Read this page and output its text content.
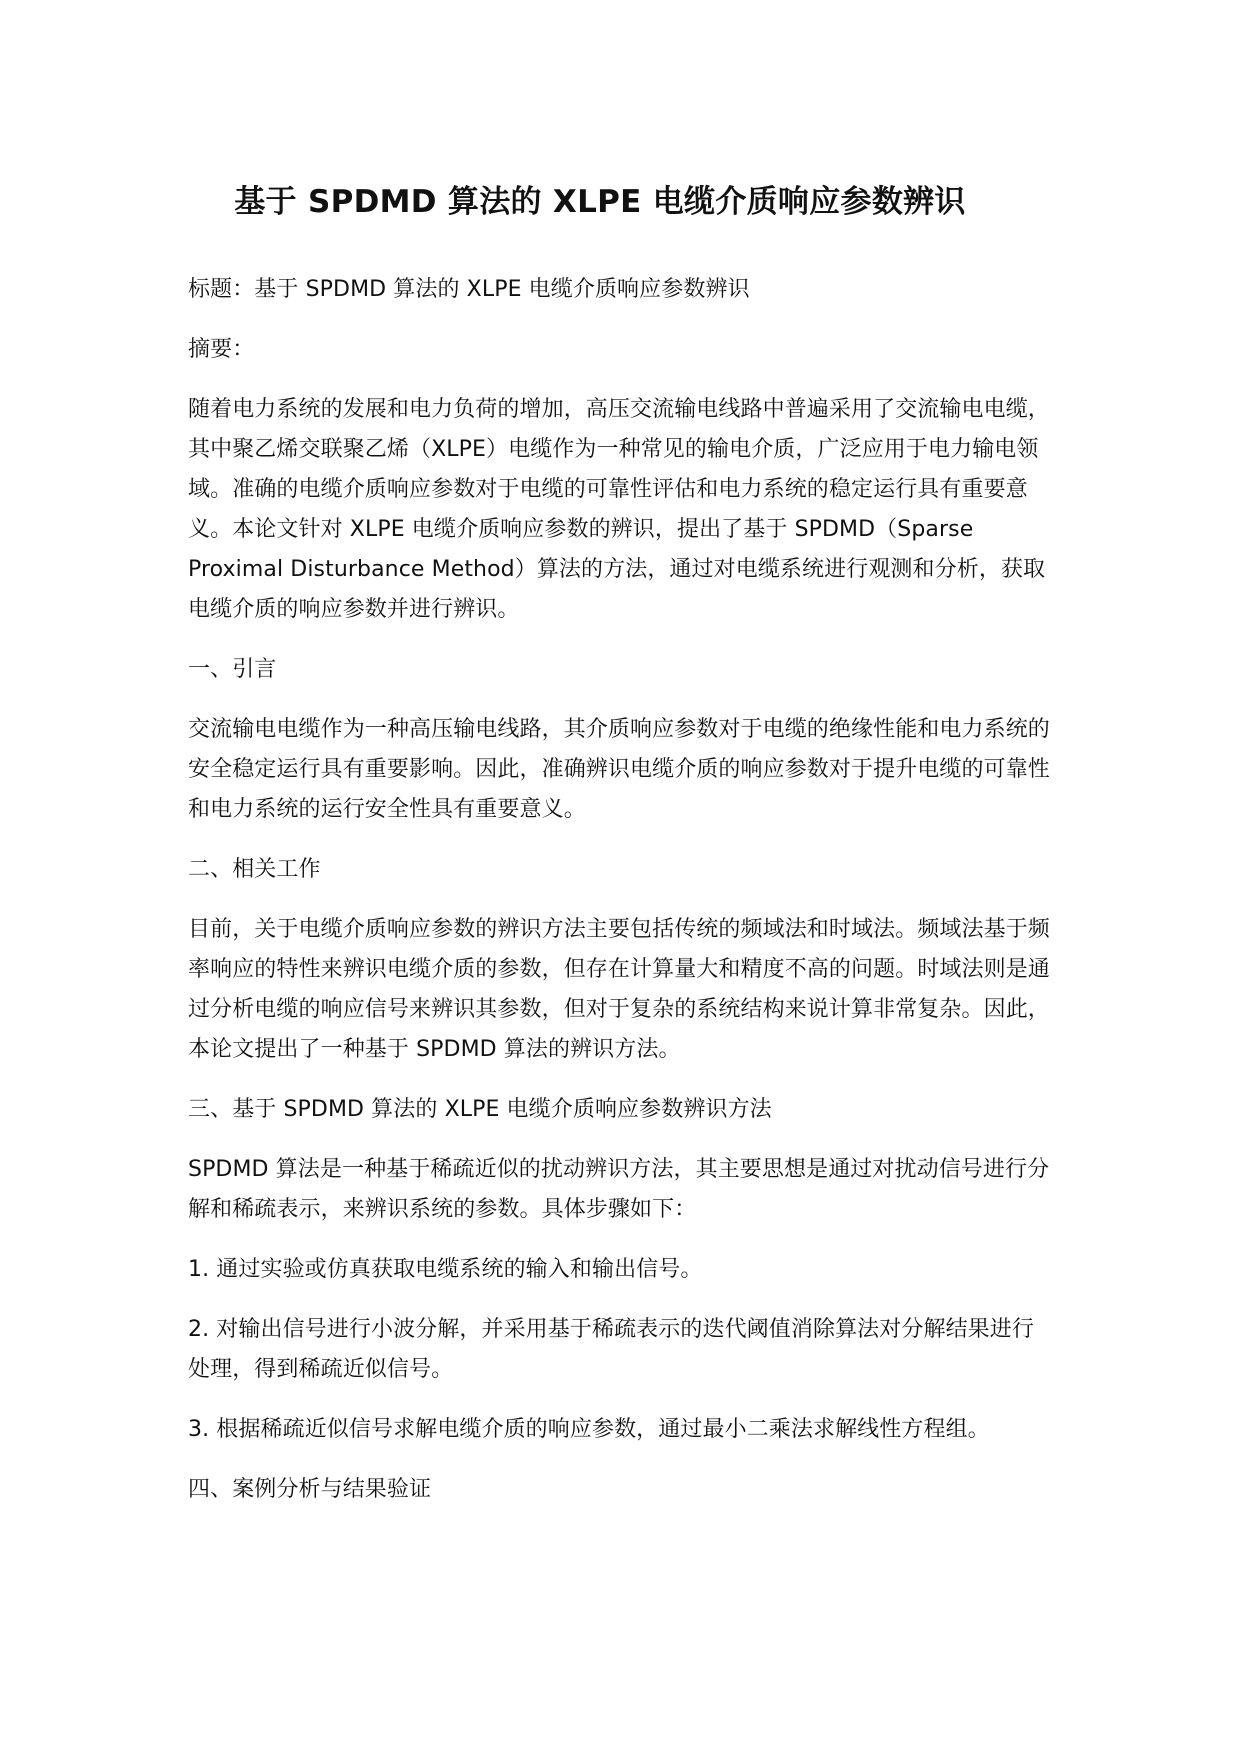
基于 SPDMD 算法的 XLPE 电缆介质响应参数辨识

标题：基于 SPDMD 算法的 XLPE 电缆介质响应参数辨识

摘要：

随着电力系统的发展和电力负荷的增加，高压交流输电线路中普遍采用了交流输电电缆，其中聚乙烯交联聚乙烯（XLPE）电缆作为一种常见的输电介质，广泛应用于电力输电领域。准确的电缆介质响应参数对于电缆的可靠性评估和电力系统的稳定运行具有重要意义。本论文针对 XLPE 电缆介质响应参数的辨识，提出了基于 SPDMD（Sparse Proximal Disturbance Method）算法的方法，通过对电缆系统进行观测和分析，获取电缆介质的响应参数并进行辨识。

一、引言

交流输电电缆作为一种高压输电线路，其介质响应参数对于电缆的绝缘性能和电力系统的安全稳定运行具有重要影响。因此，准确辨识电缆介质的响应参数对于提升电缆的可靠性和电力系统的运行安全性具有重要意义。

二、相关工作

目前，关于电缆介质响应参数的辨识方法主要包括传统的频域法和时域法。频域法基于频率响应的特性来辨识电缆介质的参数，但存在计算量大和精度不高的问题。时域法则是通过分析电缆的响应信号来辨识其参数，但对于复杂的系统结构来说计算非常复杂。因此，本论文提出了一种基于 SPDMD 算法的辨识方法。

三、基于 SPDMD 算法的 XLPE 电缆介质响应参数辨识方法

SPDMD 算法是一种基于稀疏近似的扰动辨识方法，其主要思想是通过对扰动信号进行分解和稀疏表示，来辨识系统的参数。具体步骤如下：

1. 通过实验或仿真获取电缆系统的输入和输出信号。

2. 对输出信号进行小波分解，并采用基于稀疏表示的迭代阈值消除算法对分解结果进行处理，得到稀疏近似信号。

3. 根据稀疏近似信号求解电缆介质的响应参数，通过最小二乘法求解线性方程组。

四、案例分析与结果验证
